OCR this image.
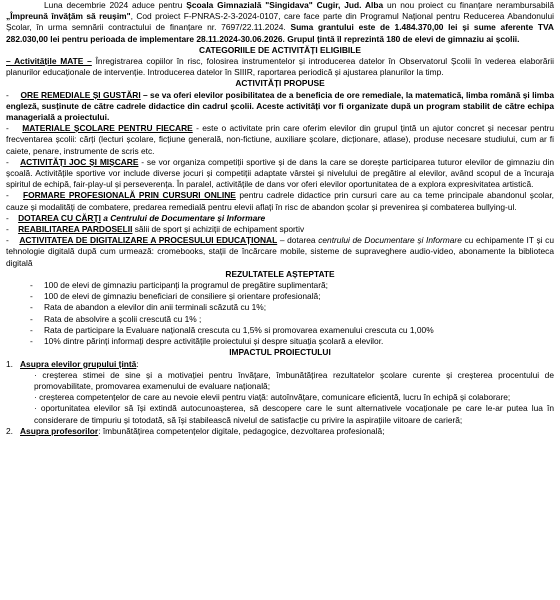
Luna decembrie 2024 aduce pentru Școala Gimnazială "Singidava" Cugir, Jud. Alba un nou proiect cu finanțare nerambursabilă „Împreună învățăm să reușim", Cod proiect F-PNRAS-2-3-2024-0107, care face parte din Programul Național pentru Reducerea Abandonului Școlar, în urma semnării contractului de finanțare nr. 7697/22.11.2024. Suma grantului este de 1.484.370,00 lei și sume aferente TVA 282.030,00 lei pentru perioada de implementare 28.11.2024-30.06.2026. Grupul țintă îl reprezintă 180 de elevi de gimnaziu ai școlii.

CATEGORIILE DE ACTIVITĂȚI ELIGIBILE

– Activitățile MATE – Înregistrarea copiilor în risc, folosirea instrumentelor și introducerea datelor în Observatorul Școlii în vederea elaborării planurilor educaționale de intervenție. Introducerea datelor în SIIIR, raportarea periodică și ajustarea planurilor la timp.

ACTIVITĂȚI PROPUSE

-     ORE REMEDIALE ȘI GUSTĂRI – se va oferi elevilor posibilitatea de a beneficia de ore remediale, la matematică, limba română și limba engleză, susținute de către cadrele didactice din cadrul școlii. Aceste activități vor fi organizate după un program stabilit de către echipa managerială a proiectului.

-    MATERIALE ȘCOLARE PENTRU FIECARE - este o activitate prin care oferim elevilor din grupul țintă un ajutor concret și necesar pentru frecventarea școlii: cărți (lecturi școlare, ficțiune generală, non-fictiune, auxiliare școlare, dicționare, atlase), produse necesare studiului, cum ar fi caiete, penare, instrumente de scris etc.

-    ACTIVITĂȚI JOC ȘI MIȘCARE - se vor organiza competiții sportive și de dans la care se dorește participarea tuturor elevilor de gimnaziu din școală. Activitățile sportive vor include diverse jocuri și competiții adaptate vârstei și nivelului de pregătire al elevilor, având scopul de a încuraja spiritul de echipă, fair-play-ul și perseverența. În paralel, activitățile de dans vor oferi elevilor oportunitatea de a explora expresivitatea artistică.

-    FORMARE PROFESIONALĂ PRIN CURSURI ONLINE pentru cadrele didactice prin cursuri care au ca teme principale abandonul școlar, cauze și modalități de combatere, predarea remedială pentru elevii aflați în risc de abandon școlar și prevenirea și combaterea bullying-ul.

-    DOTAREA CU CĂRȚI a Centrului de Documentare și Informare

-    REABILITAREA PARDOSELII sălii de sport și achiziții de echipament sportiv

-    ACTIVITATEA DE DIGITALIZARE A PROCESULUI EDUCAȚIONAL – dotarea centrului de Documentare și Informare cu echipamente IT și cu tehnologie digitală după cum urmează: cromebooks, stații de încărcare mobile, sisteme de supraveghere audio-video, abonamente la biblioteca digitală

REZULTATELE AȘTEPTATE

-	100 de elevi de gimnaziu participanți la programul de pregătire suplimentară;
-	100 de elevi de gimnaziu beneficiari de consiliere și orientare profesională;
-	Rata de abandon a elevilor din anii terminali scăzută cu 1%;
-	Rata de absolvire a școlii crescută cu 1% ;
-	Rata de participare la Evaluare națională crescuta cu 1,5% si promovarea examenului crescuta cu 1,00%
-	10% dintre părinți informați despre activitățile proiectului și despre situația școlară a elevilor.

IMPACTUL PROIECTULUI

1. Asupra elevilor grupului țintă:

· creșterea stimei de sine și a motivației pentru învățare, îmbunătățirea rezultatelor școlare curente și creșterea procentului de promovabilitate, promovarea examenului de evaluare națională;

· creșterea competențelor de care au nevoie elevii pentru viață: autoînvățare, comunicare eficientă, lucru în echipă și colaborare;

· oportunitatea elevilor să își extindă autocunoașterea, să descopere care le sunt alternativele vocaționale pe care le-ar putea lua în considerare de timpuriu și totodată, să își stabilească nivelul de satisfacție cu privire la aspirațiile viitoare de carieră;

2. Asupra profesorilor: îmbunătățirea competențelor digitale, pedagogice, dezvoltarea profesională;
